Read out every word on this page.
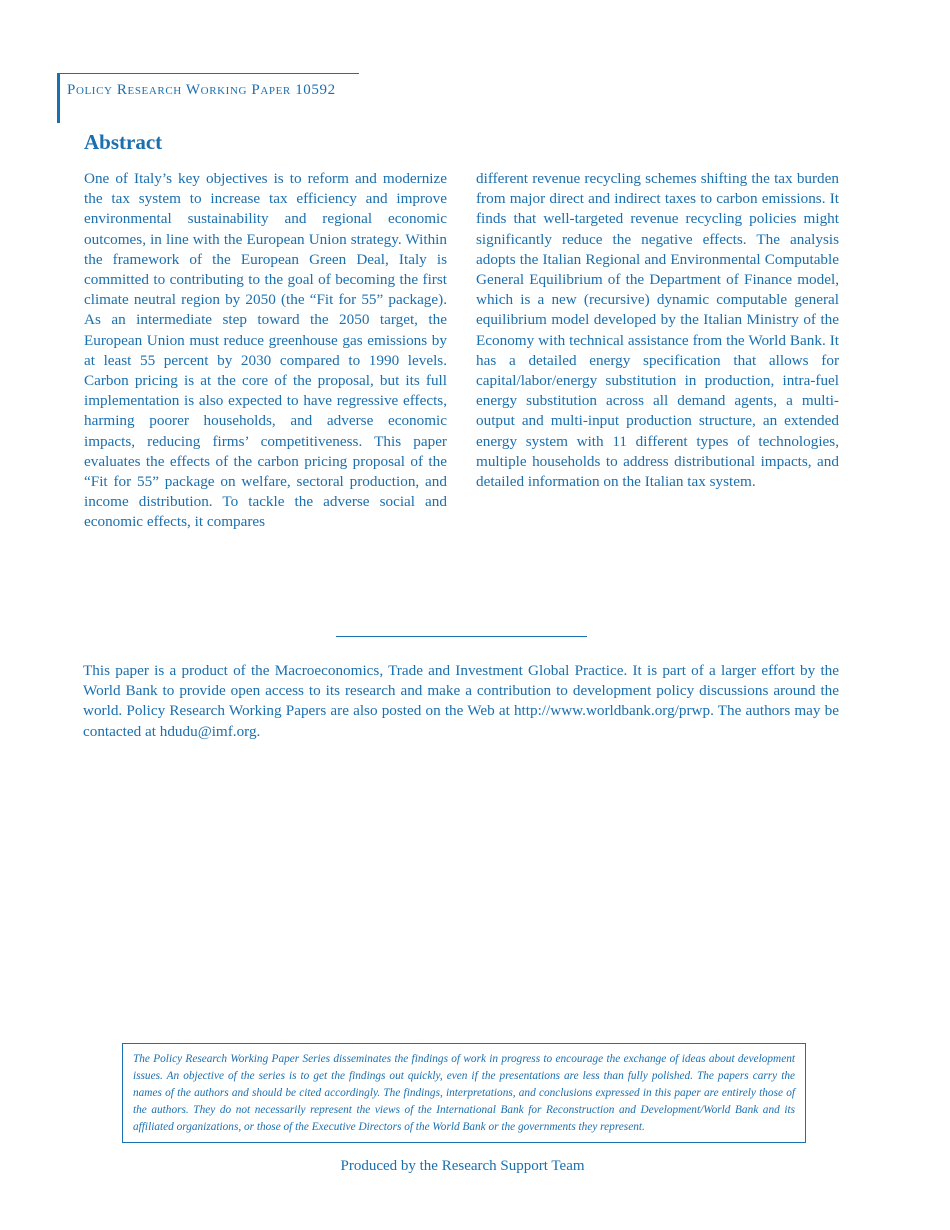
Policy Research Working Paper 10592
Abstract

One of Italy’s key objectives is to reform and modernize the tax system to increase tax efficiency and improve environmental sustainability and regional economic outcomes, in line with the European Union strategy. Within the framework of the European Green Deal, Italy is committed to contributing to the goal of becoming the first climate neutral region by 2050 (the “Fit for 55” package). As an intermediate step toward the 2050 target, the European Union must reduce greenhouse gas emissions by at least 55 percent by 2030 compared to 1990 levels. Carbon pricing is at the core of the proposal, but its full implementation is also expected to have regressive effects, harming poorer households, and adverse economic impacts, reducing firms’ competitiveness. This paper evaluates the effects of the carbon pricing proposal of the “Fit for 55” package on welfare, sectoral production, and income distribution. To tackle the adverse social and economic effects, it compares

different revenue recycling schemes shifting the tax burden from major direct and indirect taxes to carbon emissions. It finds that well-targeted revenue recycling policies might significantly reduce the negative effects. The analysis adopts the Italian Regional and Environmental Computable General Equilibrium of the Department of Finance model, which is a new (recursive) dynamic computable general equilibrium model developed by the Italian Ministry of the Economy with technical assistance from the World Bank. It has a detailed energy specification that allows for capital/labor/energy substitution in production, intra-fuel energy substitution across all demand agents, a multi-output and multi-input production structure, an extended energy system with 11 different types of technologies, multiple households to address distributional impacts, and detailed information on the Italian tax system.

This paper is a product of the Macroeconomics, Trade and Investment Global Practice. It is part of a larger effort by the World Bank to provide open access to its research and make a contribution to development policy discussions around the world. Policy Research Working Papers are also posted on the Web at http://www.worldbank.org/prwp. The authors may be contacted at hdudu@imf.org.

The Policy Research Working Paper Series disseminates the findings of work in progress to encourage the exchange of ideas about development issues. An objective of the series is to get the findings out quickly, even if the presentations are less than fully polished. The papers carry the names of the authors and should be cited accordingly. The findings, interpretations, and conclusions expressed in this paper are entirely those of the authors. They do not necessarily represent the views of the International Bank for Reconstruction and Development/World Bank and its affiliated organizations, or those of the Executive Directors of the World Bank or the governments they represent.
Produced by the Research Support Team
